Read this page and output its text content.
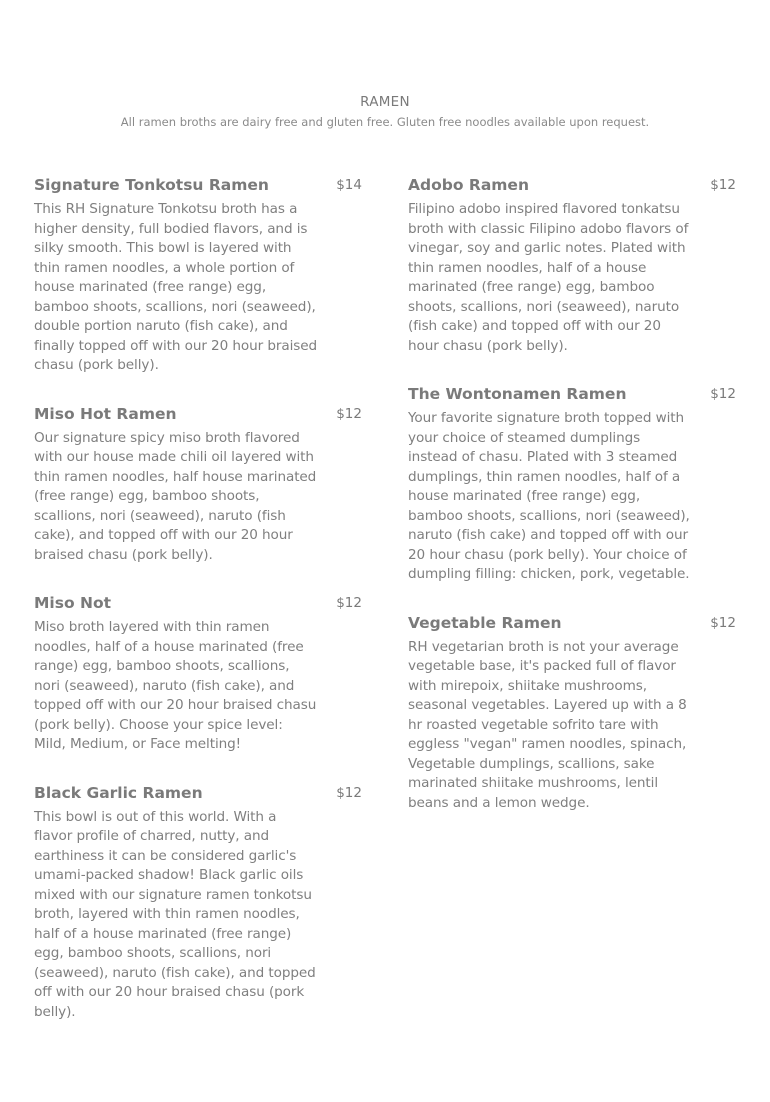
RAMEN
All ramen broths are dairy free and gluten free. Gluten free noodles available upon request.
Signature Tonkotsu Ramen	$14
This RH Signature Tonkotsu broth has a higher density, full bodied flavors, and is silky smooth. This bowl is layered with thin ramen noodles, a whole portion of house marinated (free range) egg, bamboo shoots, scallions, nori (seaweed), double portion naruto (fish cake), and finally topped off with our 20 hour braised chasu (pork belly).
Miso Hot Ramen	$12
Our signature spicy miso broth flavored with our house made chili oil layered with thin ramen noodles, half house marinated (free range) egg, bamboo shoots, scallions, nori (seaweed), naruto (fish cake), and topped off with our 20 hour braised chasu (pork belly).
Miso Not	$12
Miso broth layered with thin ramen noodles, half of a house marinated (free range) egg, bamboo shoots, scallions, nori (seaweed), naruto (fish cake), and topped off with our 20 hour braised chasu (pork belly). Choose your spice level: Mild, Medium, or Face melting!
Black Garlic Ramen	$12
This bowl is out of this world. With a flavor profile of charred, nutty, and earthiness it can be considered garlic's umami-packed shadow! Black garlic oils mixed with our signature ramen tonkotsu broth, layered with thin ramen noodles, half of a house marinated (free range) egg, bamboo shoots, scallions, nori (seaweed), naruto (fish cake), and topped off with our 20 hour braised chasu (pork belly).
Adobo Ramen	$12
Filipino adobo inspired flavored tonkatsu broth with classic Filipino adobo flavors of vinegar, soy and garlic notes. Plated with thin ramen noodles, half of a house marinated (free range) egg, bamboo shoots, scallions, nori (seaweed), naruto (fish cake) and topped off with our 20 hour chasu (pork belly).
The Wontonamen Ramen	$12
Your favorite signature broth topped with your choice of steamed dumplings instead of chasu. Plated with 3 steamed dumplings, thin ramen noodles, half of a house marinated (free range) egg, bamboo shoots, scallions, nori (seaweed), naruto (fish cake) and topped off with our 20 hour chasu (pork belly). Your choice of dumpling filling: chicken, pork, vegetable.
Vegetable Ramen	$12
RH vegetarian broth is not your average vegetable base, it's packed full of flavor with mirepoix, shiitake mushrooms, seasonal vegetables. Layered up with a 8 hr roasted vegetable sofrito tare with eggless "vegan" ramen noodles, spinach, Vegetable dumplings, scallions, sake marinated shiitake mushrooms, lentil beans and a lemon wedge.
